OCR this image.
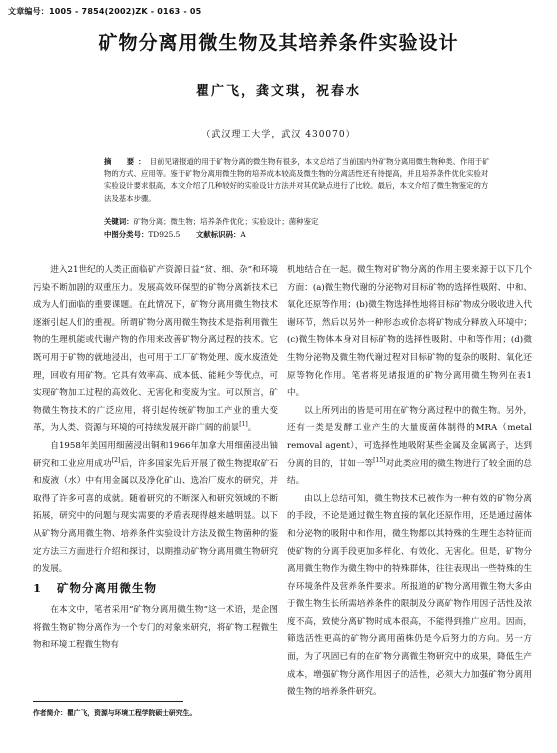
文章编号：1005 - 7854(2002)ZK - 0163 - 05
矿物分离用微生物及其培养条件实验设计
瞿广飞，龚文琪，祝春水
（武汉理工大学，武汉 430070）
摘　要：目前见诸报道的用于矿物分离的微生物有很多，本文总结了当前国内外矿物分离用微生物种类、作用于矿物的方式、应用等。鉴于矿物分离用微生物的培养成本较高及微生物的分离活性还有待提高，并且培养条件优化实验对实验设计要求很高，本文介绍了几种较好的实验设计方法并对其优缺点进行了比较。最后，本文介绍了微生物鉴定的方法及基本步骤。
关键词：矿物分离；微生物；培养条件优化；实验设计；菌种鉴定
中图分类号：TD925.5	文献标识码：A

进入21世纪的人类正面临矿产资源日益“贫、细、杂”和环境污染不断加剧的双重压力。发展高效环保型的矿物分离新技术已成为人们面临的重要课题。在此情况下，矿物分离用微生物技术逐渐引起人们的重视。所谓矿物分离用微生物技术是指利用微生物的生理机能或代谢产物的作用来改善矿物分离过程的技术。它既可用于矿物的就地浸出，也可用于工厂矿物处理、废水废渣处理，回收有用矿物。它具有效率高、成本低、能耗少等优点，可实现矿物加工过程的高效化、无害化和变废为宝。可以预言，矿物微生物技术的广泛应用，将引起传统矿物加工产业的重大变革，为人类、资源与环境的可持续发展开辟广阔的前景[1]。

自1958年美国用细菌浸出铜和1966年加拿大用细菌浸出铀研究和工业应用成功[2]后，许多国家先后开展了微生物提取矿石和废液（水）中有用金属以及净化矿山、选冶厂废水的研究，并取得了许多可喜的成就。随着研究的不断深入和研究领域的不断拓展，研究中的问题与现实需要的矛盾表现得越来越明显。以下从矿物分离用微生物、培养条件实验设计方法及微生物菌种的鉴定方法三方面进行介绍和探讨，以期推动矿物分离用微生物研究的发展。

1 矿物分离用微生物

在本文中，笔者采用“矿物分离用微生物”这一术语，是企图将微生物矿物分离作为一个专门的对象来研究，将矿物工程微生物和环境工程微生物有

作者简介：瞿广飞，资源与环境工程学院硕士研究生。

机地结合在一起。微生物对矿物分离的作用主要来源于以下几个方面：(a)微生物代谢的分泌物对目标矿物的选择性吸附、中和、氧化还原等作用；(b)微生物选择性地将目标矿物成分吸收进入代谢环节，然后以另外一种形态或价态将矿物成分释放入环境中；(c)微生物体本身对目标矿物的选择性吸附、中和等作用；(d)微生物分泌物及微生物代谢过程对目标矿物的复杂的吸附、氧化还原等物化作用。笔者将见诸报道的矿物分离用微生物列在表1中。

以上所列出的皆是可用在矿物分离过程中的微生物。另外，还有一类是发酵工业产生的大量废菌体制得的MRA（metal removal agent），可选择性地吸附某些金属及金属离子，达到分离的目的，甘如一等[15]对此类应用的微生物进行了较全面的总结。

由以上总结可知，微生物技术已被作为一种有效的矿物分离的手段，不论是通过微生物直接的氧化还原作用，还是通过菌体和分泌物的吸附中和作用，微生物都以其特殊的生理生态特征而使矿物的分离手段更加多样化、有效化、无害化。但是，矿物分离用微生物作为微生物中的特殊群体，往往表现出一些特殊的生存环境条件及营养条件要求。所报道的矿物分离用微生物大多由于微生物生长所需培养条件的限制及分离矿物作用因子活性及浓度不高，致使分离矿物时成本很高，不能得到推广应用。因而，筛选活性更高的矿物分离用菌株仍是今后努力的方向。另一方面，为了巩固已有的在矿物分离微生物研究中的成果，降低生产成本，增强矿物分离作用因子的活性，必须大力加强矿物分离用微生物的培养条件研究。
